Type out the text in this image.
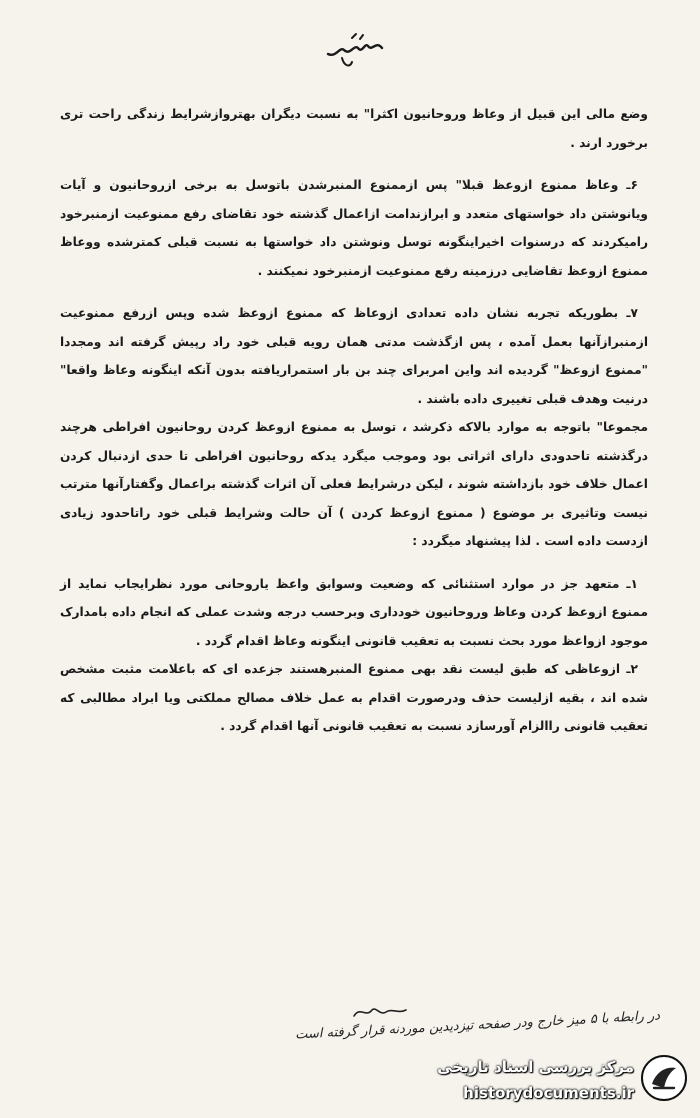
وضع مالی این قبیل از وعاظ وروحانیون اکثرا" به نسبت دیگران بهتروازشرایط زندگی راحت تری برخورد ارند .

۶ـ وعاظ ممنوع ازوعظ قبلا" پس ازممنوع المنبرشدن باتوسل به برخی ازروحانیون و آیات ویانوشتن داد خواستهای متعدد و ابرازندامت ازاعمال گذشته خود تقاضای رفع ممنوعیت ازمنبرخود رامیکردند که درسنوات اخیراینگونه توسل ونوشتن داد خواستها به نسبت قبلی کمترشده ووعاظ ممنوع ازوعظ تقاضایی درزمینه رفع ممنوعیت ازمنبرخود نمیکنند .

۷ـ بطوریکه تجربه نشان داده تعدادی ازوعاظ که ممنوع ازوعظ شده وپس ازرفع ممنوعیت ازمنبرازآنها بعمل آمده ، پس ازگذشت مدتی همان رویه قبلی خود راد رپیش گرفته اند ومجددا "ممنوع ازوعظ" گردیده اند واین امربرای چند بن بار استمراریافته بدون آنکه اینگونه وعاظ واقعا" درنیت وهدف قبلی تغییری داده باشند .

مجموعا" باتوجه به موارد بالاکه ذکرشد ، توسل به ممنوع ازوعظ کردن روحانیون افراطی هرچند درگذشته تاحدودی دارای اثراتی بود وموجب میگرد یدکه روحانیون افراطی تا حدی ازدنبال کردن اعمال خلاف خود بازداشته شوند ، لیکن درشرایط فعلی آن اثرات گذشته براعمال وگفتارآنها مترتب نیست وتاثیری بر موضوع ( ممنوع ازوعظ کردن ) آن حالت وشرایط قبلی خود راتاحدود زیادی ازدست داده است . لذا پیشنهاد میگردد :

۱ـ متعهد جز در موارد استثنائی که وضعیت وسوابق واعظ یاروحانی مورد نظرایجاب نماید از ممنوع ازوعظ کردن وعاظ وروحانیون خودداری وبرحسب درجه وشدت عملی که انجام داده بامدارک موجود ازواعظ مورد بحث نسبت به تعقیب قانونی اینگونه وعاظ اقدام گردد .

۲ـ ازوعاظی که طبق لیست نقد بهی ممنوع المنبرهستند جزعده ای که باعلامت مثبت مشخص شده اند ، بقیه ازلیست حذف ودرصورت اقدام به عمل خلاف مصالح مملکتی ویا ابراد مطالبی که تعقیب قانونی راالزام آورسازد نسبت به تعقیب قانونی آنها اقدام گردد .

در رابطه با ۵ میز خارج ودر صفحه تیزدیدین موردنه قرار گرفته است
مرکز بررسی اسناد تاریخی
historydocuments.ir
